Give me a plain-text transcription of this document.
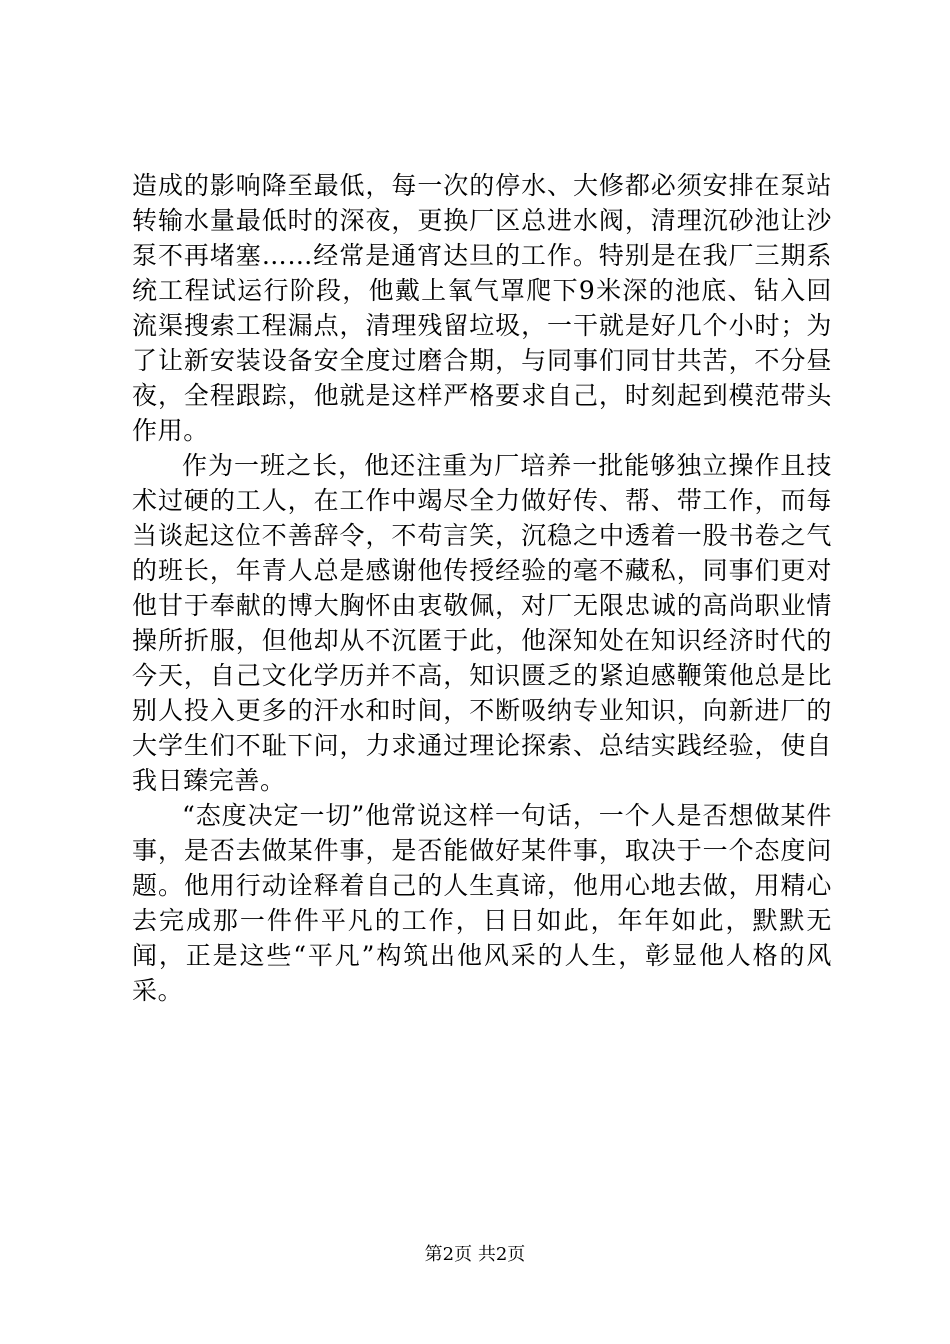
造成的影响降至最低，每一次的停水、大修都必须安排在泵站转输水量最低时的深夜，更换厂区总进水阀，清理沉砂池让沙泵不再堵塞……经常是通宵达旦的工作。特别是在我厂三期系统工程试运行阶段，他戴上氧气罩爬下9米深的池底、钻入回流渠搜索工程漏点，清理残留垃圾，一干就是好几个小时；为了让新安装设备安全度过磨合期，与同事们同甘共苦，不分昼夜，全程跟踪，他就是这样严格要求自己，时刻起到模范带头作用。

作为一班之长，他还注重为厂培养一批能够独立操作且技术过硬的工人，在工作中竭尽全力做好传、帮、带工作，而每当谈起这位不善辞令，不苟言笑，沉稳之中透着一股书卷之气的班长，年青人总是感谢他传授经验的毫不藏私，同事们更对他甘于奉献的博大胸怀由衷敬佩，对厂无限忠诚的高尚职业情操所折服，但他却从不沉匿于此，他深知处在知识经济时代的今天，自己文化学历并不高，知识匮乏的紧迫感鞭策他总是比别人投入更多的汗水和时间，不断吸纳专业知识，向新进厂的大学生们不耻下问，力求通过理论探索、总结实践经验，使自我日臻完善。

“态度决定一切”他常说这样一句话，一个人是否想做某件事，是否去做某件事，是否能做好某件事，取决于一个态度问题。他用行动诠释着自己的人生真谛，他用心地去做，用精心去完成那一件件平凡的工作，日日如此，年年如此，默默无闻，正是这些“平凡”构筑出他风采的人生，彰显他人格的风采。

第2页 共2页
